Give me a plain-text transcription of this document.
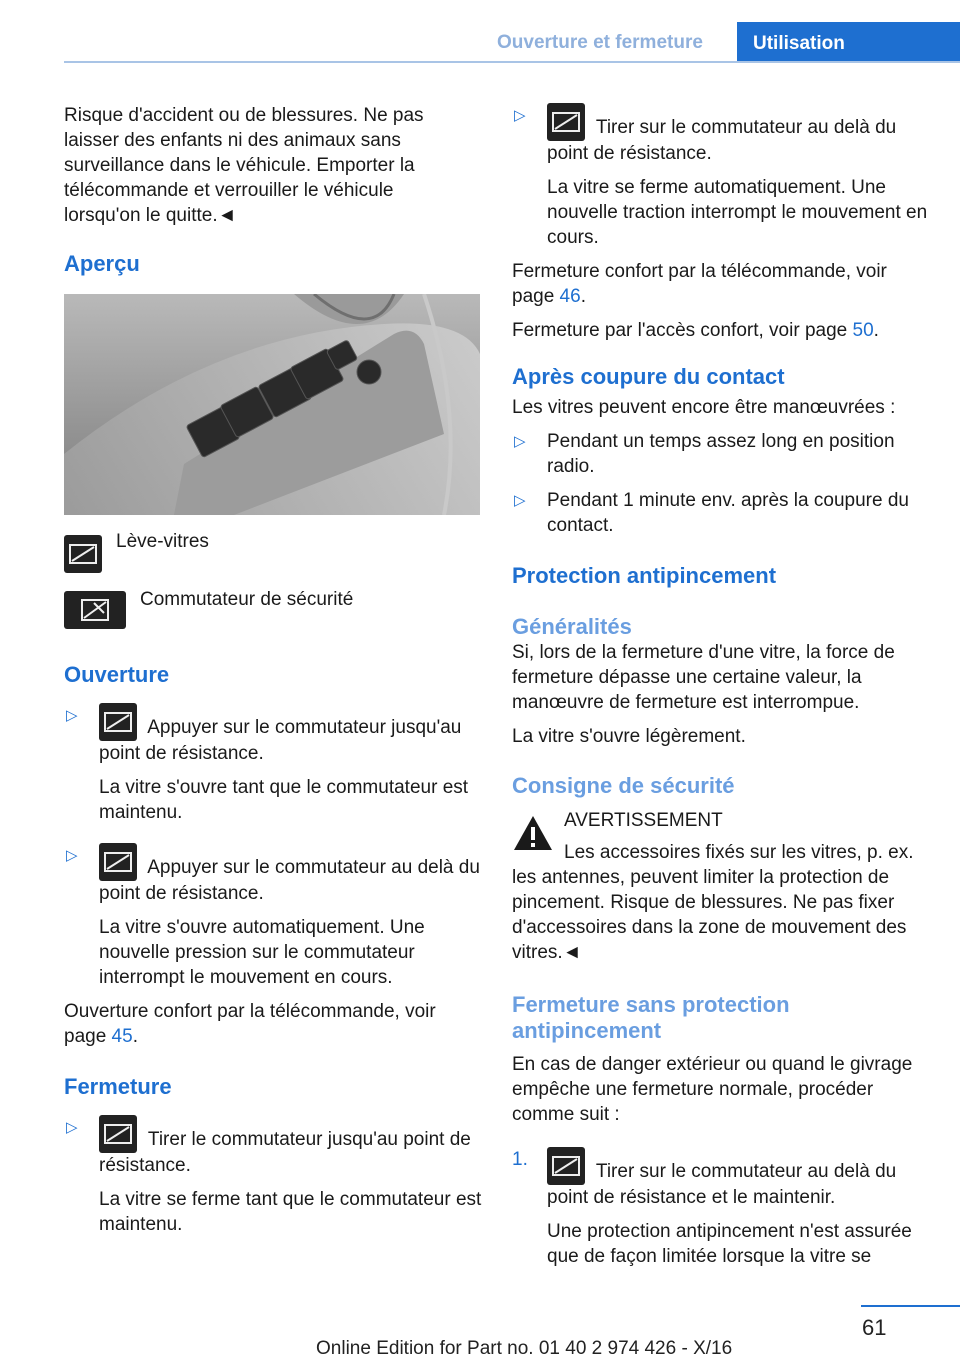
Ouverture et fermeture	Utilisation

Risque d'accident ou de blessures. Ne pas laisser des enfants ni des animaux sans surveillance dans le véhicule. Emporter la télécommande et verrouiller le véhicule lorsqu'on le quitte.◄

Aperçu
Lève-vitres
Commutateur de sécurité
Ouverture
▷

Appuyer sur le commutateur jusqu'au point de résistance.

La vitre s'ouvre tant que le commutateur est maintenu.

▷

Appuyer sur le commutateur au delà du point de résistance.

La vitre s'ouvre automatiquement. Une nouvelle pression sur le commutateur interrompt le mouvement en cours.

Ouverture confort par la télécommande, voir page 45.

Fermeture
▷

Tirer le commutateur jusqu'au point de résistance.

La vitre se ferme tant que le commutateur est maintenu.

▷

Tirer sur le commutateur au delà du point de résistance.

La vitre se ferme automatiquement. Une nouvelle traction interrompt le mouvement en cours.

Fermeture confort par la télécommande, voir page 46.

Fermeture par l'accès confort, voir page 50.

Après coupure du contact

Les vitres peuvent encore être manœuvrées :

▷ Pendant un temps assez long en position radio.

▷ Pendant 1 minute env. après la coupure du contact.

Protection antipincement
Généralités

Si, lors de la fermeture d'une vitre, la force de fermeture dépasse une certaine valeur, la manœuvre de fermeture est interrompue.

La vitre s'ouvre légèrement.

Consigne de sécurité

AVERTISSEMENT

Les accessoires fixés sur les vitres, p. ex. les antennes, peuvent limiter la protection de pincement. Risque de blessures. Ne pas fixer d'accessoires dans la zone de mouvement des vitres.◄

Fermeture sans protection antipincement

En cas de danger extérieur ou quand le givrage empêche une fermeture normale, procéder comme suit :

1.

Tirer sur le commutateur au delà du point de résistance et le maintenir.

Une protection antipincement n'est assurée que de façon limitée lorsque la vitre se

61
Online Edition for Part no. 01 40 2 974 426 - X/16
